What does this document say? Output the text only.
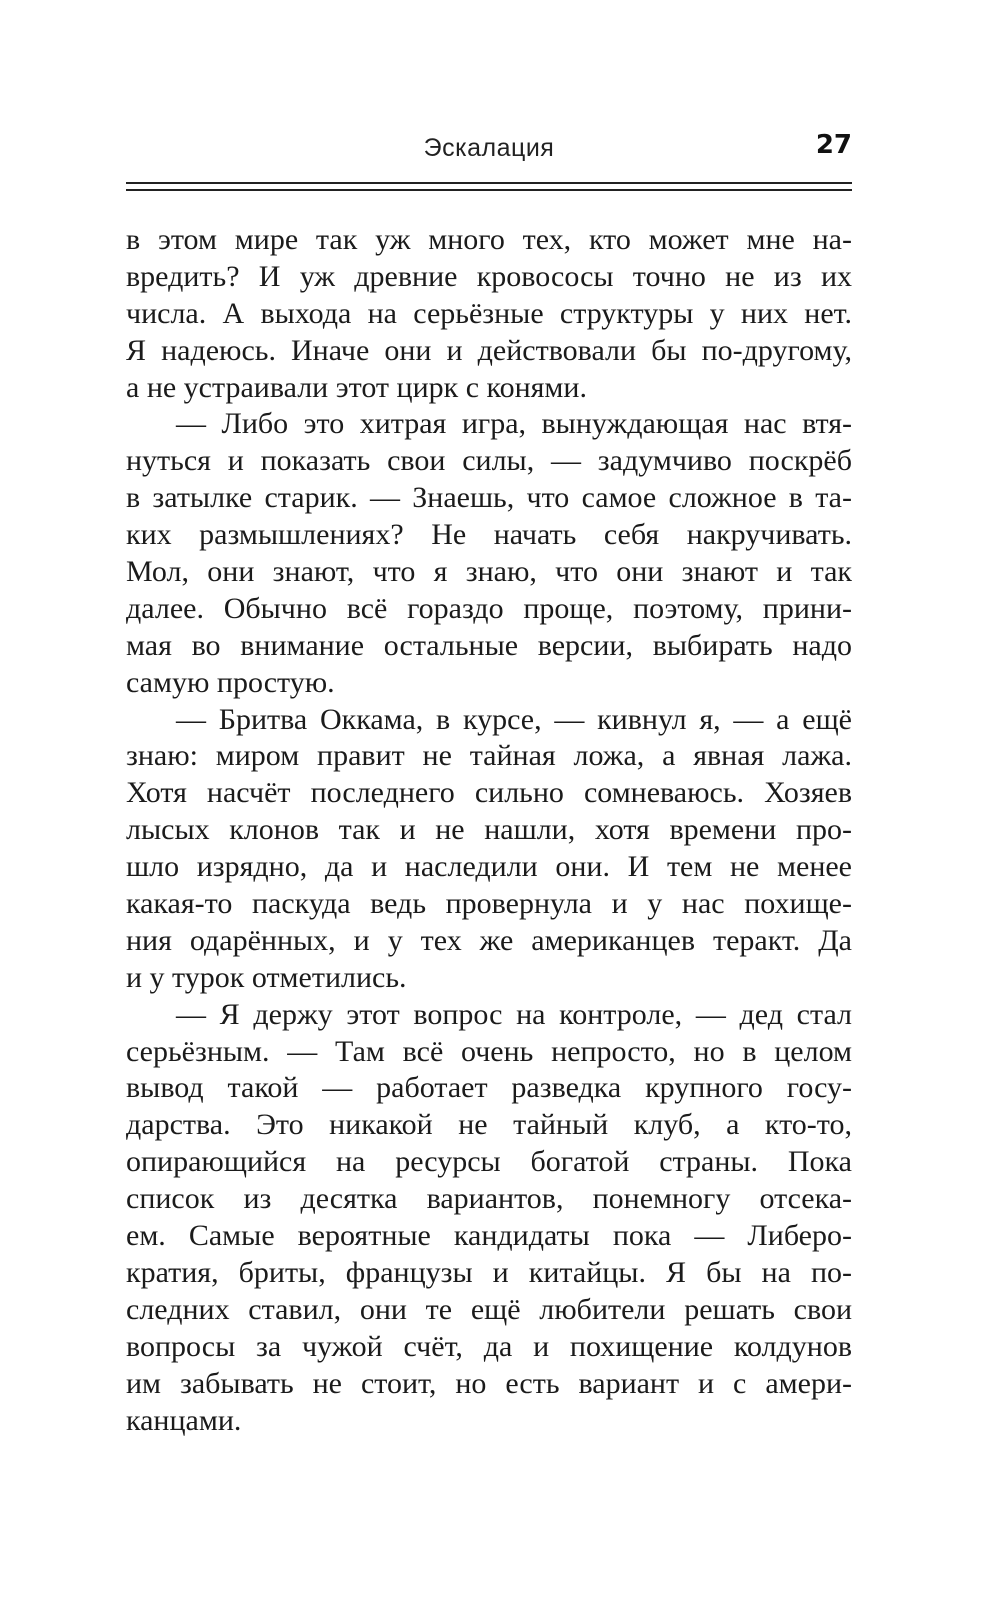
Эскалация	27

в этом мире так уж много тех, кто может мне на-
вредить? И уж древние кровососы точно не из их
числа. А выхода на серьёзные структуры у них нет.
Я надеюсь. Иначе они и действовали бы по-другому,
а не устраивали этот цирк с конями.

— Либо это хитрая игра, вынуждающая нас втя-
нуться и показать свои силы, — задумчиво поскрёб
в затылке старик. — Знаешь, что самое сложное в та-
ких размышлениях? Не начать себя накручивать.
Мол, они знают, что я знаю, что они знают и так
далее. Обычно всё гораздо проще, поэтому, прини-
мая во внимание остальные версии, выбирать надо
самую простую.

— Бритва Оккама, в курсе, — кивнул я, — а ещё
знаю: миром правит не тайная ложа, а явная лажа.
Хотя насчёт последнего сильно сомневаюсь. Хозяев
лысых клонов так и не нашли, хотя времени про-
шло изрядно, да и наследили они. И тем не менее
какая-то паскуда ведь провернула и у нас похище-
ния одарённых, и у тех же американцев теракт. Да
и у турок отметились.

— Я держу этот вопрос на контроле, — дед стал
серьёзным. — Там всё очень непросто, но в целом
вывод такой — работает разведка крупного госу-
дарства. Это никакой не тайный клуб, а кто-то,
опирающийся на ресурсы богатой страны. Пока
список из десятка вариантов, понемногу отсека-
ем. Самые вероятные кандидаты пока — Либеро-
кратия, бриты, французы и китайцы. Я бы на по-
следних ставил, они те ещё любители решать свои
вопросы за чужой счёт, да и похищение колдунов
им забывать не стоит, но есть вариант и с амери-
канцами.
